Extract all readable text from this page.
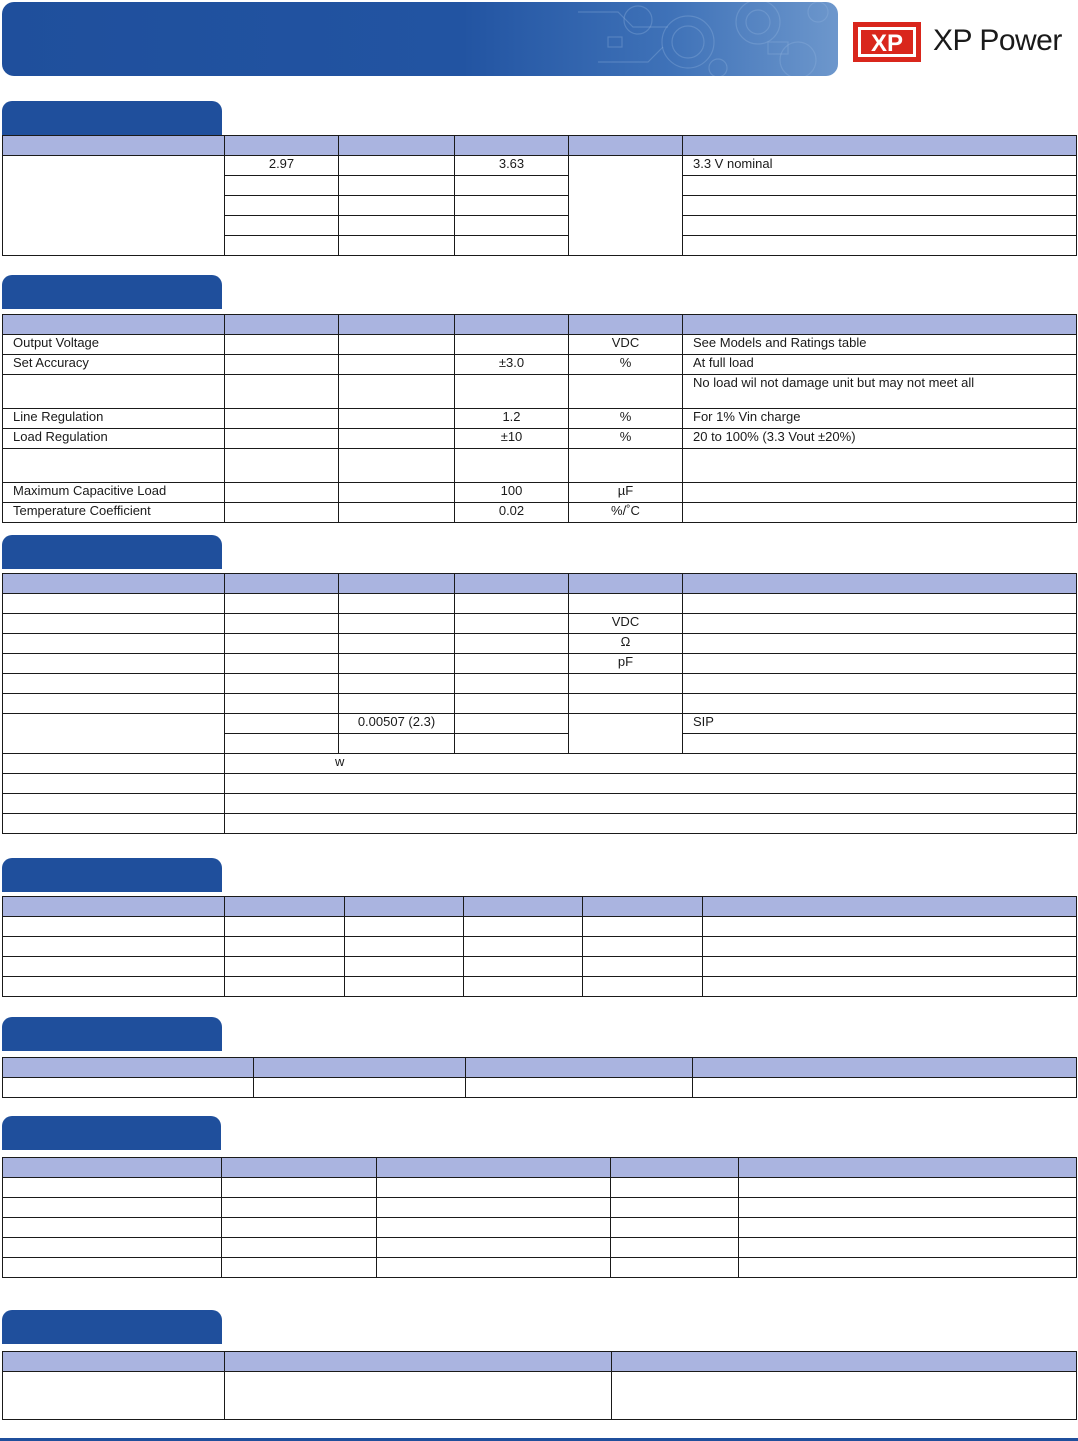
XP XP Power

	2.97		3.63		3.3 V nominal

Output Voltage				VDC	See Models and Ratings table
Set Accuracy			±3.0	%	At full load
					No load wil not damage unit but may not meet all
Line Regulation			1.2	%	For 1% Vin charge
Load Regulation			±10	%	20 to 100% (3.3 Vout ±20%)

Maximum Capacitive Load			100	µF	
Temperature Coefficient			0.02	%/˚C	

				VDC	
				Ω	
				pF	

		0.00507 (2.3)			SIP

	w				
